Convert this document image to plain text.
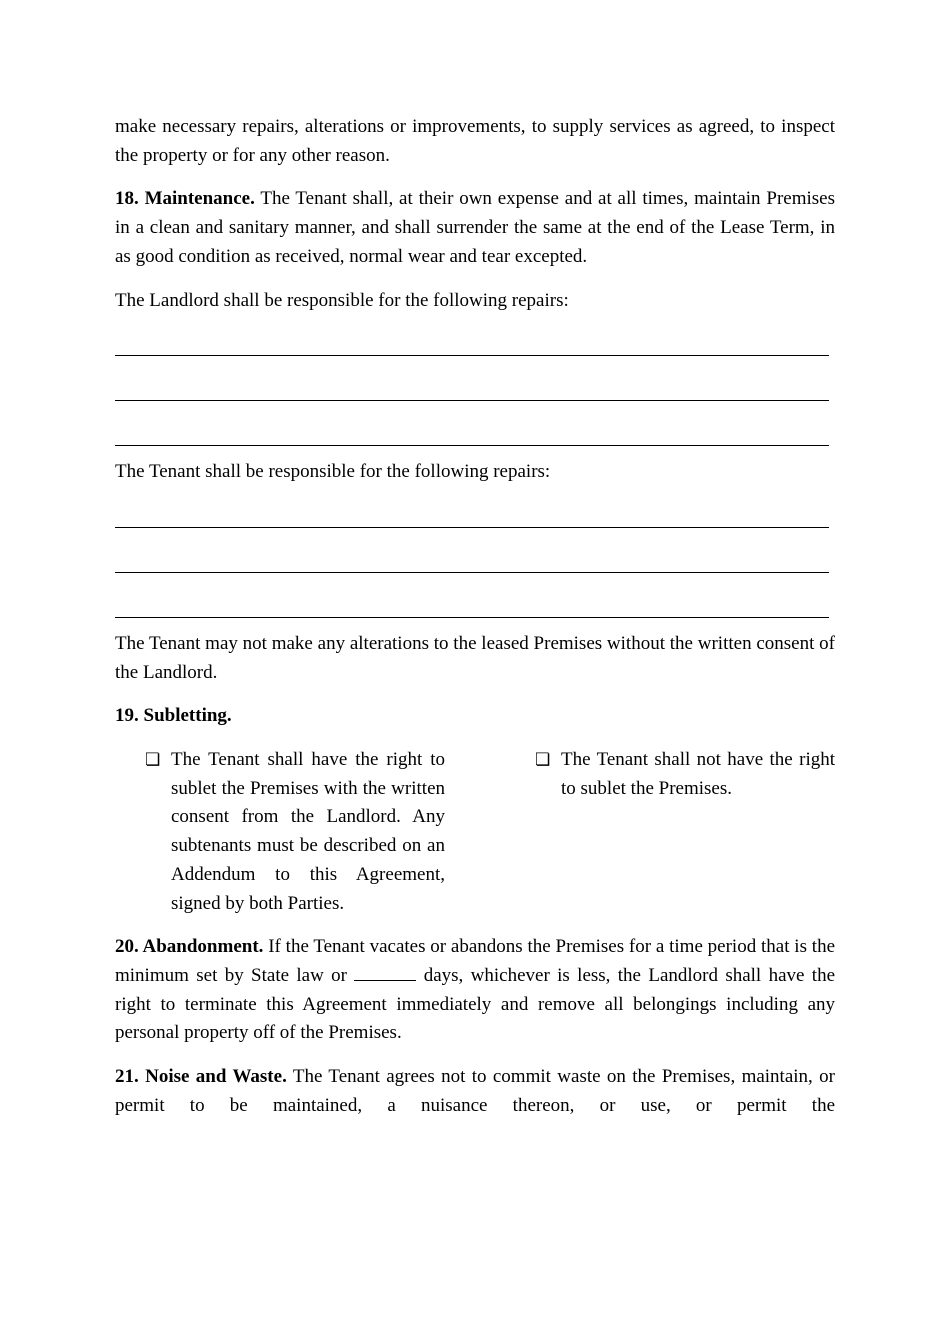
make necessary repairs, alterations or improvements, to supply services as agreed, to inspect the property or for any other reason.

18. Maintenance. The Tenant shall, at their own expense and at all times, maintain Premises in a clean and sanitary manner, and shall surrender the same at the end of the Lease Term, in as good condition as received, normal wear and tear excepted.

The Landlord shall be responsible for the following repairs:

The Tenant shall be responsible for the following repairs:

The Tenant may not make any alterations to the leased Premises without the written consent of the Landlord.

19. Subletting.

❏ The Tenant shall have the right to sublet the Premises with the written consent from the Landlord. Any subtenants must be described on an Addendum to this Agreement, signed by both Parties.
❏ The Tenant shall not have the right to sublet the Premises.

20. Abandonment. If the Tenant vacates or abandons the Premises for a time period that is the minimum set by State law or	days, whichever is less, the Landlord shall have the right to terminate this Agreement immediately and remove all belongings including any personal property off of the Premises.

21. Noise and Waste. The Tenant agrees not to commit waste on the Premises, maintain, or permit to be maintained, a nuisance thereon, or use, or permit the
